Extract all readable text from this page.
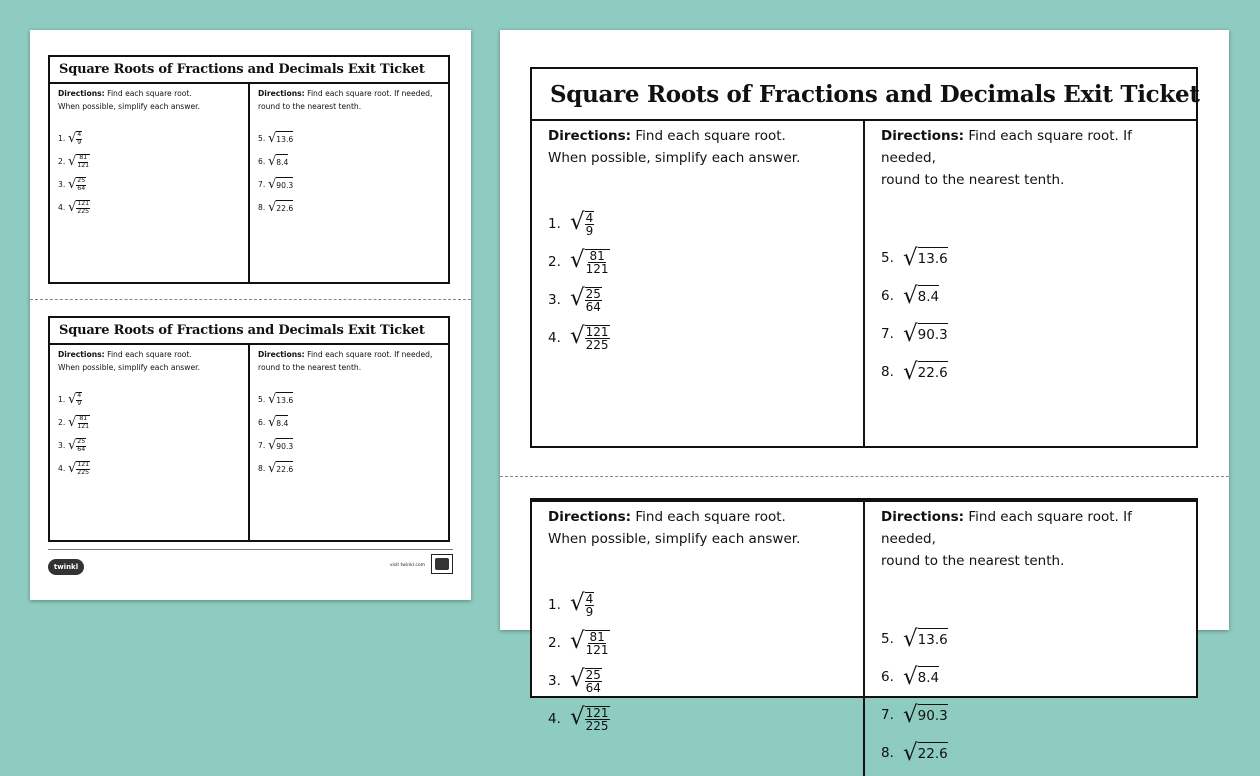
Square Roots of Fractions and Decimals Exit Ticket
Directions: Find each square root.
When possible, simplify each answer.
1. √ $\frac{4}{9}$
2. √ $\frac{81}{121}$
3. √ $\frac{25}{64}$
4. √ $\frac{121}{225}$
Directions: Find each square root. If needed,
round to the nearest tenth.
5. √ 13.6
6. √ 8.4
7. √ 90.3
8. √ 22.6
Square Roots of Fractions and Decimals Exit Ticket
Directions: Find each square root.
When possible, simplify each answer.
1. √ $\frac{4}{9}$
2. √ $\frac{81}{121}$
3. √ $\frac{25}{64}$
4. √ $\frac{121}{225}$
Directions: Find each square root. If needed,
round to the nearest tenth.
5. √ 13.6
6. √ 8.4
7. √ 90.3
8. √ 22.6
twinkl	visit twinkl.com
Square Roots of Fractions and Decimals Exit Ticket
Directions: Find each square root.
When possible, simplify each answer.
1. √ $\frac{4}{9}$
2. √ $\frac{81}{121}$
3. √ $\frac{25}{64}$
4. √ $\frac{121}{225}$
Directions: Find each square root. If needed,
round to the nearest tenth.
5. √ 13.6
6. √ 8.4
7. √ 90.3
8. √ 22.6
Directions: Find each square root.
When possible, simplify each answer.
1. √ $\frac{4}{9}$
2. √ $\frac{81}{121}$
3. √ $\frac{25}{64}$
4. √ $\frac{121}{225}$
Directions: Find each square root. If needed,
round to the nearest tenth.
5. √ 13.6
6. √ 8.4
7. √ 90.3
8. √ 22.6
